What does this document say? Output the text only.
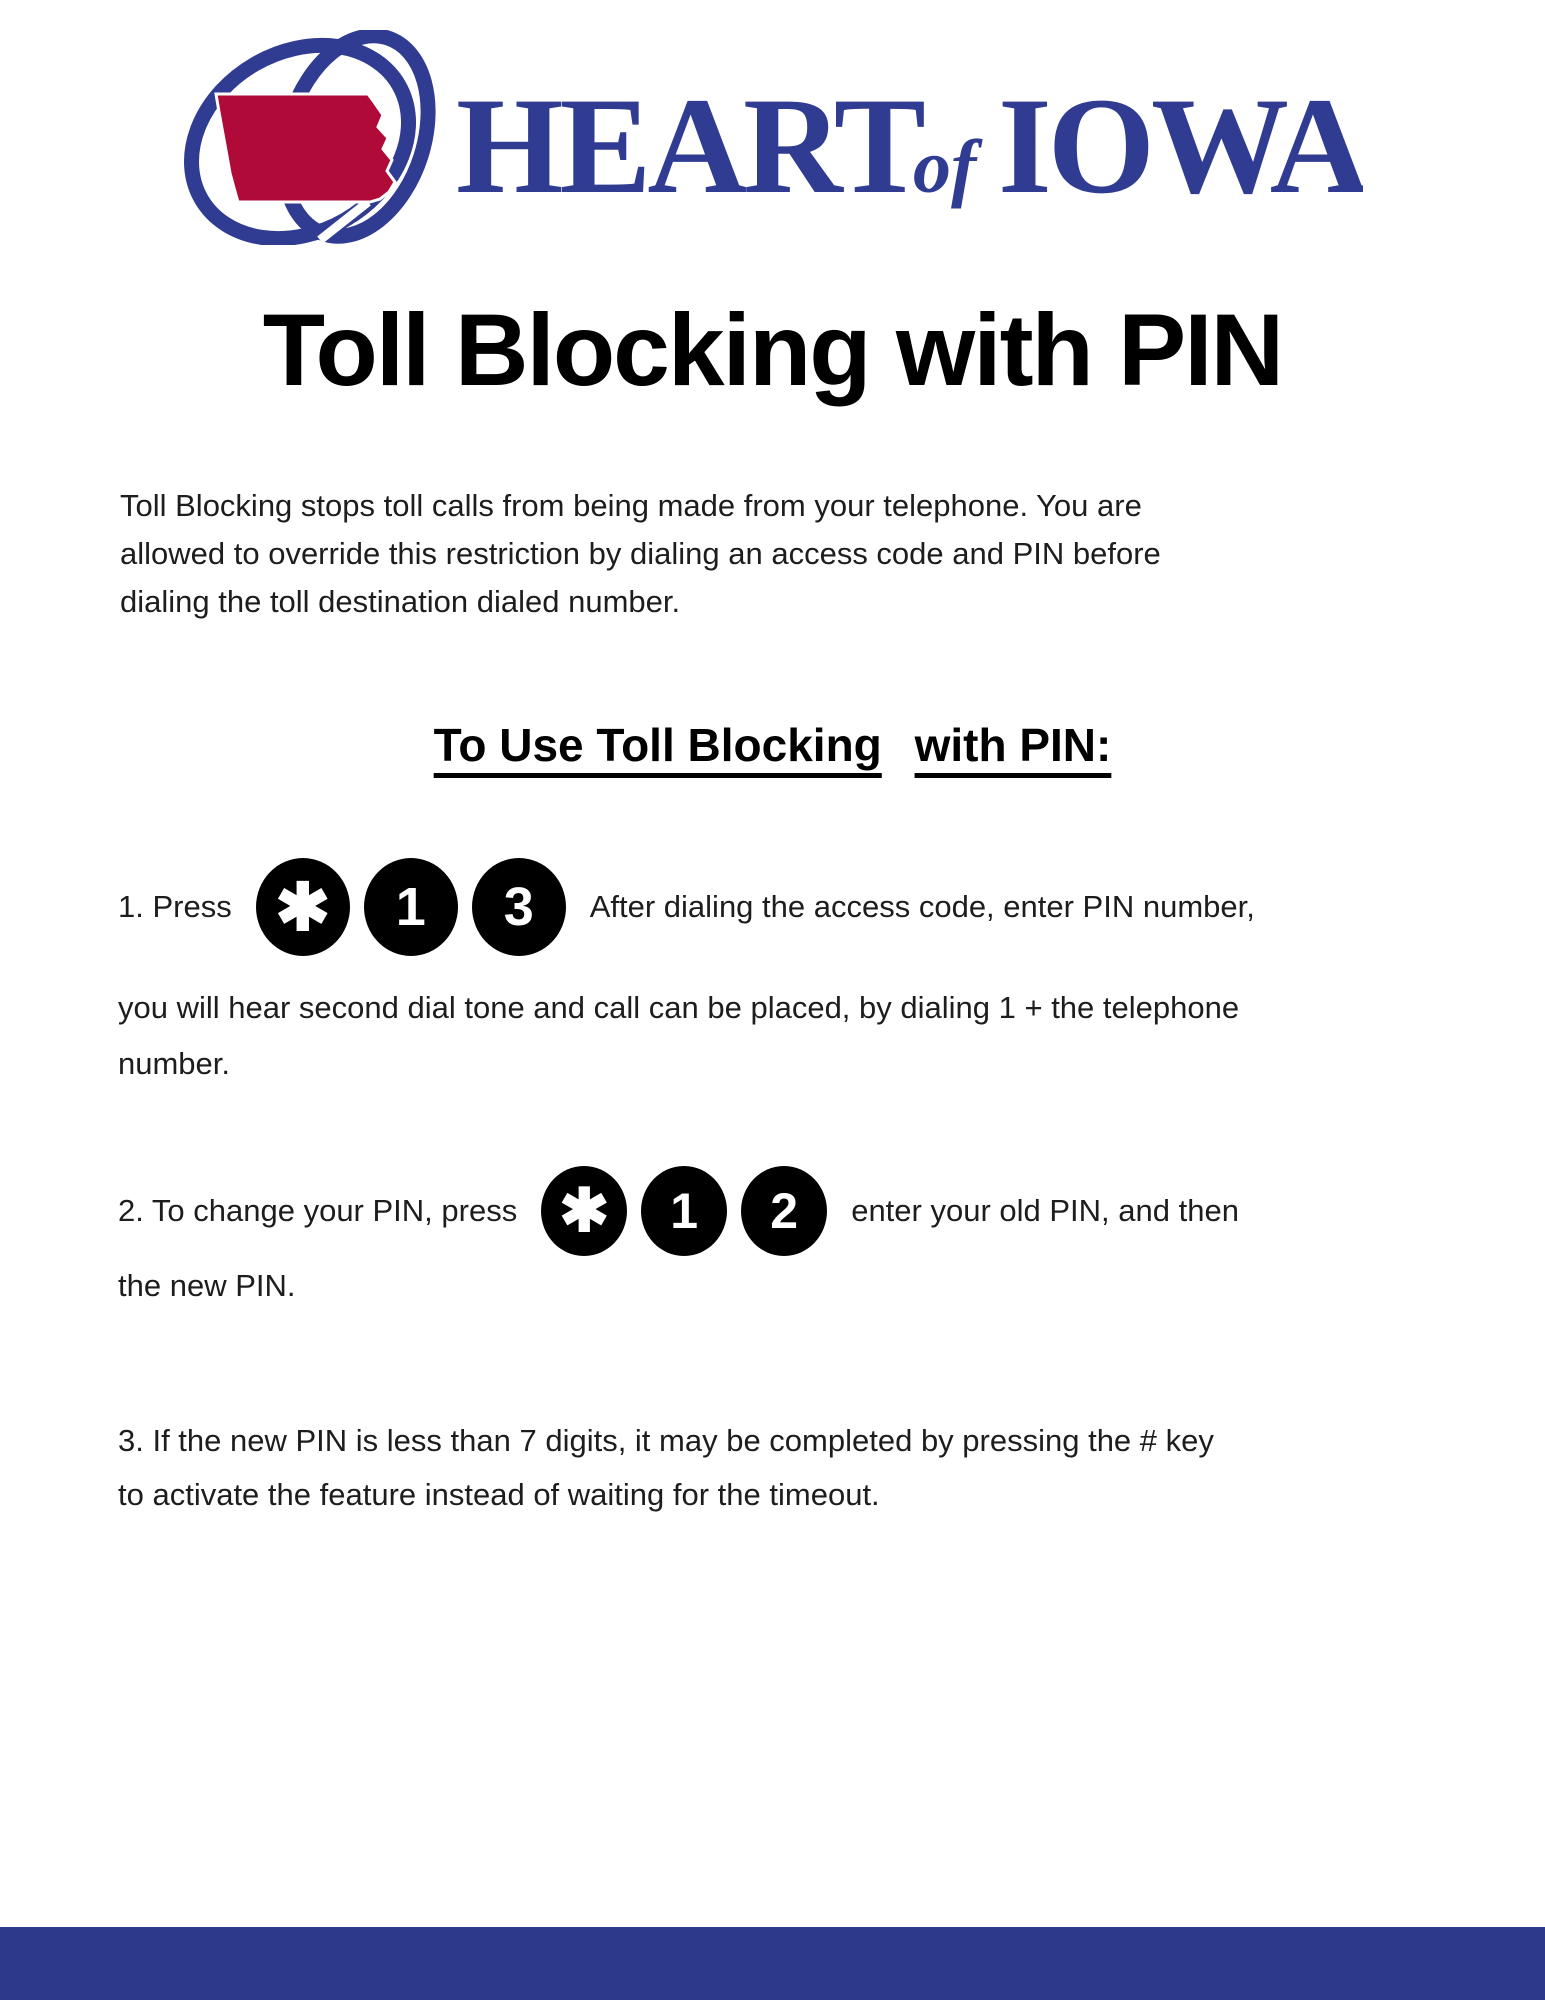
HEART
of IOWA
Toll Blocking with PIN
Toll Blocking stops toll calls from being made from your telephone. You are
allowed to override this restriction by dialing an access code and PIN before
dialing the toll destination dialed number.
To Use Toll Blocking with PIN:
1. Press ✱	1	3	After dialing the access code, enter PIN number,
you will hear second dial tone and call can be placed, by dialing 1 + the telephone
number.
2. To change your PIN, press ✱	1	2	enter your old PIN, and then
the new PIN.
3. If the new PIN is less than 7 digits, it may be completed by pressing the # key
to activate the feature instead of waiting for the timeout.
